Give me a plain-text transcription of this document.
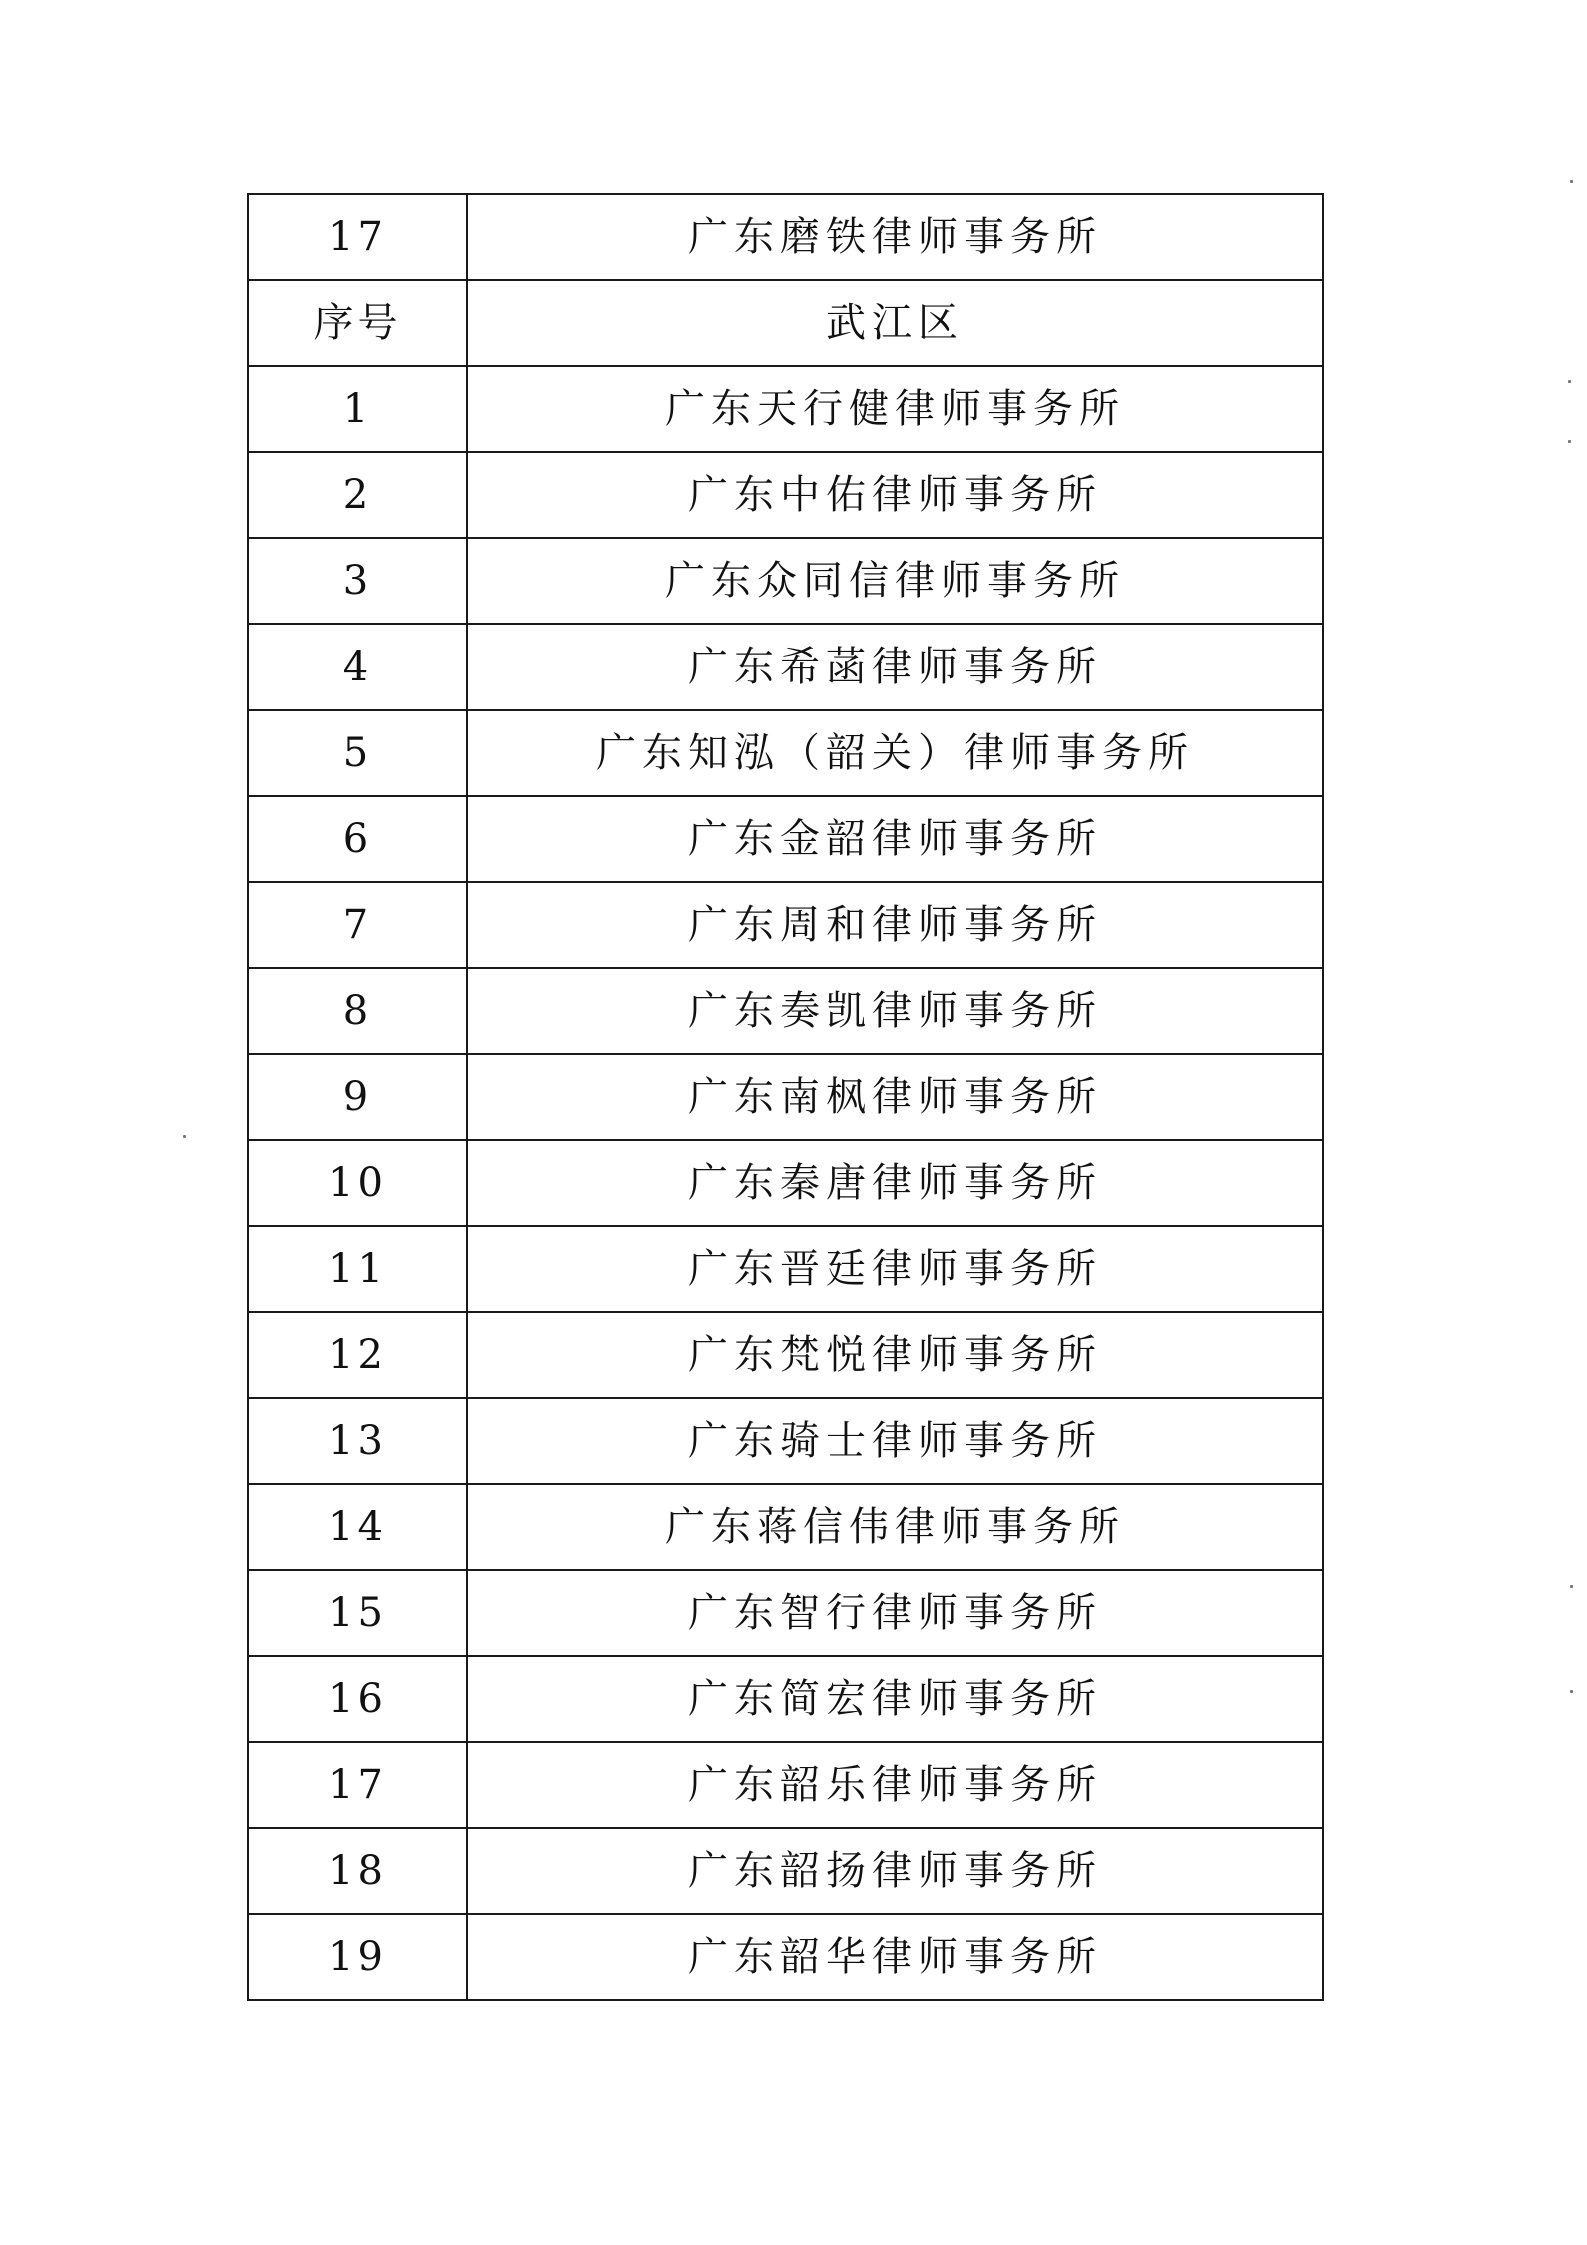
17	广东磨铁律师事务所
序号	武江区
1	广东天行健律师事务所
2	广东中佑律师事务所
3	广东众同信律师事务所
4	广东希菡律师事务所
5	广东知泓（韶关）律师事务所
6	广东金韶律师事务所
7	广东周和律师事务所
8	广东奏凯律师事务所
9	广东南枫律师事务所
10	广东秦唐律师事务所
11	广东晋廷律师事务所
12	广东梵悦律师事务所
13	广东骑士律师事务所
14	广东蒋信伟律师事务所
15	广东智行律师事务所
16	广东简宏律师事务所
17	广东韶乐律师事务所
18	广东韶扬律师事务所
19	广东韶华律师事务所
